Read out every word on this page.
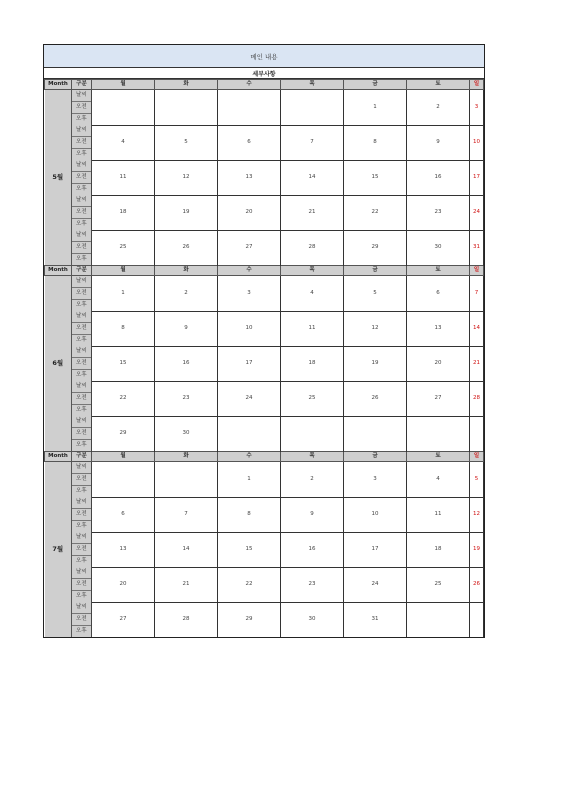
메인 내용
세부사항
Month	구분	월	화	수	목	금	토	일
5월	날씨					1	2	3
	오전							
	오후							
	날씨	4	5	6	7	8	9	10
	오전							
	오후							
	날씨	11	12	13	14	15	16	17
	오전							
	오후							
	날씨	18	19	20	21	22	23	24
	오전							
	오후							
	날씨	25	26	27	28	29	30	31
	오전							
	오후							
Month	구분	월	화	수	목	금	토	일
6월	날씨	1	2	3	4	5	6	7
	오전							
	오후							
	날씨	8	9	10	11	12	13	14
	오전							
	오후							
	날씨	15	16	17	18	19	20	21
	오전							
	오후							
	날씨	22	23	24	25	26	27	28
	오전							
	오후							
	날씨	29	30					
	오전							
	오후							
Month	구분	월	화	수	목	금	토	일
7월	날씨			1	2	3	4	5
	오전							
	오후							
	날씨	6	7	8	9	10	11	12
	오전							
	오후							
	날씨	13	14	15	16	17	18	19
	오전							
	오후							
	날씨	20	21	22	23	24	25	26
	오전							
	오후							
	날씨	27	28	29	30	31		
	오전							
	오후							
